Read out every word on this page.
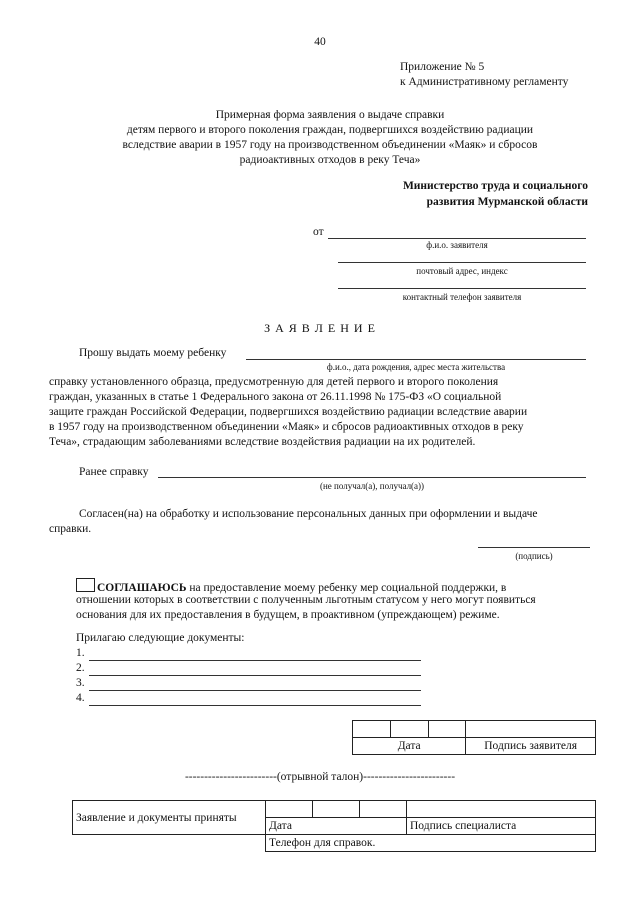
40
Приложение № 5
к Административному регламенту
Примерная форма заявления о выдаче справки
детям первого и второго поколения граждан, подвергшихся воздействию радиации
вследствие аварии в 1957 году на производственном объединении «Маяк» и сбросов
радиоактивных отходов в реку Теча»
Министерство труда и социального
развития Мурманской области
от
ф.и.о. заявителя
почтовый адрес, индекс
контактный телефон заявителя
З А Я В Л Е Н И Е
Прошу выдать моему ребенку
ф.и.о., дата рождения, адрес места жительства
справку установленного образца, предусмотренную для детей первого и второго поколения
граждан, указанных в статье 1 Федерального закона от 26.11.1998 № 175-ФЗ «О социальной
защите граждан Российской Федерации, подвергшихся воздействию радиации вследствие аварии
в 1957 году на производственном объединении «Маяк» и сбросов радиоактивных отходов в реку
Теча», страдающим заболеваниями вследствие воздействия радиации на их родителей.
Ранее справку
(не получал(а), получал(а))
Согласен(на) на обработку и использование персональных данных при оформлении и выдаче
справки.
(подпись)
СОГЛАШАЮСЬ на предоставление моему ребенку мер социальной поддержки, в
отношении которых в соответствии с полученным льготным статусом у него могут появиться
основания для их предоставления в будущем, в проактивном (упреждающем) режиме.
Прилагаю следующие документы:
1.
2.
3.
4.

Дата			Подпись заявителя
------------------------(отрывной талон)------------------------
Заявление и документы приняты				
	Дата			Подпись специалиста
	Телефон для справок.			
